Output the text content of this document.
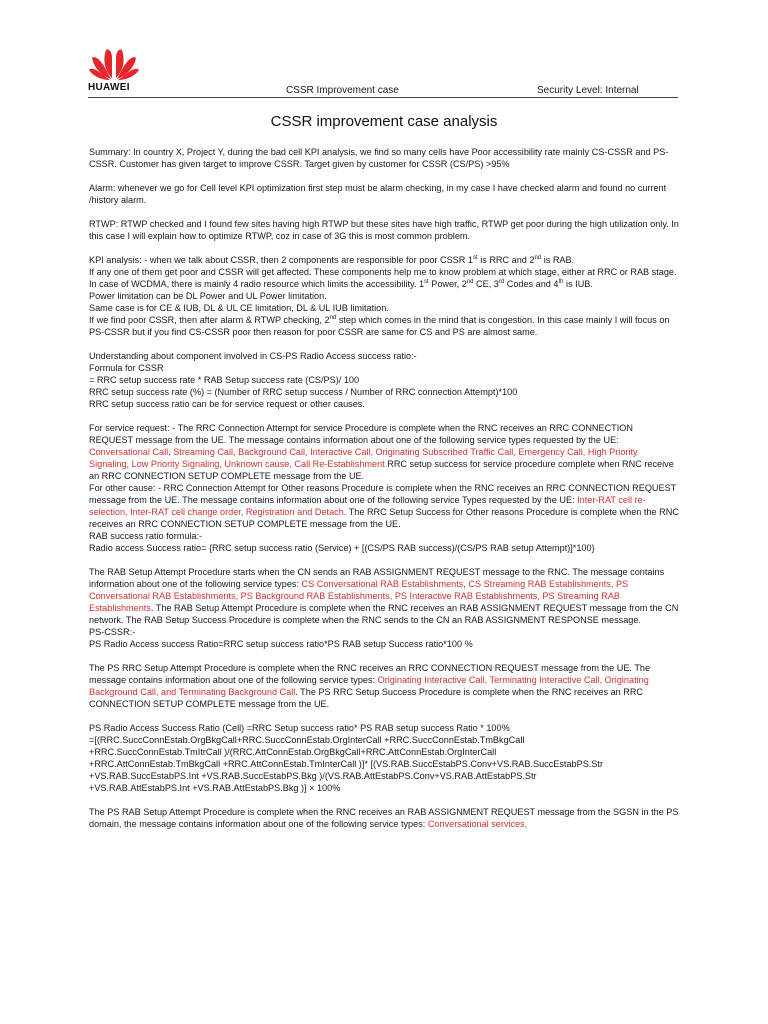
HUAWEI	CSSR Improvement case	Security Level: Internal
CSSR improvement case analysis

Summary: In country X, Project Y, during the bad cell KPI analysis, we find so many cells have Poor accessibility rate mainly CS-CSSR and PS-CSSR. Customer has given target to improve CSSR. Target given by customer for CSSR (CS/PS) >95%

Alarm: whenever we go for Cell level KPI optimization first step must be alarm checking, in my case I have checked alarm and found no current /history alarm.

RTWP: RTWP checked and I found few sites having high RTWP but these sites have high traffic, RTWP get poor during the high utilization only. In this case I will explain how to optimize RTWP, coz in case of 3G this is most common problem.

KPI analysis: - when we talk about CSSR, then 2 components are responsible for poor CSSR 1st is RRC and 2nd is RAB.

If any one of them get poor and CSSR will get affected. These components help me to know problem at which stage, either at RRC or RAB stage.

In case of WCDMA, there is mainly 4 radio resource which limits the accessibility. 1st Power, 2nd CE, 3rd Codes and 4th is IUB.

Power limitation can be DL Power and UL Power limitation.

Same case is for CE & IUB, DL & UL CE limitation, DL & UL IUB limitation.

If we find poor CSSR, then after alarm & RTWP checking, 2nd step which comes in the mind that is congestion. In this case mainly I will focus on PS-CSSR but if you find CS-CSSR poor then reason for poor CSSR are same for CS and PS are almost same.

Understanding about component involved in CS-PS Radio Access success ratio:-

Formula for CSSR

= RRC setup success rate * RAB Setup success rate (CS/PS)/ 100

RRC setup success rate (%) = (Number of RRC setup success / Number of RRC connection Attempt)*100

RRC setup success ratio can be for service request or other causes.

For service request: - The RRC Connection Attempt for service Procedure is complete when the RNC receives an RRC CONNECTION REQUEST message from the UE. The message contains information about one of the following service types requested by the UE: Conversational Call, Streaming Call, Background Call, Interactive Call, Originating Subscribed Traffic Call, Emergency Call, High Priority Signaling, Low Priority Signaling, Unknown cause, Call Re-Establishment.RRC setup success for service procedure complete when RNC receive an RRC CONNECTION SETUP COMPLETE message from the UE.

For other cause: - RRC Connection Attempt for Other reasons Procedure is complete when the RNC receives an RRC CONNECTION REQUEST message from the UE. The message contains information about one of the following service Types requested by the UE: Inter-RAT cell re-selection, Inter-RAT cell change order, Registration and Detach. The RRC Setup Success for Other reasons Procedure is complete when the RNC receives an RRC CONNECTION SETUP COMPLETE message from the UE.

RAB success ratio formula:-

Radio access Success ratio= {RRC setup success ratio (Service) + [(CS/PS RAB success)/(CS/PS RAB setup Attempt)]*100}

The RAB Setup Attempt Procedure starts when the CN sends an RAB ASSIGNMENT REQUEST message to the RNC. The message contains information about one of the following service types: CS Conversational RAB Establishments, CS Streaming RAB Establishments, PS Conversational RAB Establishments, PS Background RAB Establishments, PS Interactive RAB Establishments, PS Streaming RAB Establishments. The RAB Setup Attempt Procedure is complete when the RNC receives an RAB ASSIGNMENT REQUEST message from the CN network. The RAB Setup Success Procedure is complete when the RNC sends to the CN an RAB ASSIGNMENT RESPONSE message.

PS-CSSR:-

PS Radio Access success Ratio=RRC setup success ratio*PS RAB setup Success ratio*100 %

The PS RRC Setup Attempt Procedure is complete when the RNC receives an RRC CONNECTION REQUEST message from the UE. The message contains information about one of the following service types: Originating Interactive Call, Terminating Interactive Call, Originating Background Call, and Terminating Background Call. The PS RRC Setup Success Procedure is complete when the RNC receives an RRC CONNECTION SETUP COMPLETE message from the UE.

PS Radio Access Success Ratio (Cell) =RRC Setup success ratio* PS RAB setup success Ratio * 100%

=[(RRC.SuccConnEstab.OrgBkgCall+RRC.SuccConnEstab.OrgInterCall +RRC.SuccConnEstab.TmBkgCall

+RRC.SuccConnEstab.TmItrCall )/(RRC.AttConnEstab.OrgBkgCall+RRC.AttConnEstab.OrgInterCall

+RRC.AttConnEstab.TmBkgCall +RRC.AttConnEstab.TmInterCall )]* [(VS.RAB.SuccEstabPS.Conv+VS.RAB.SuccEstabPS.Str

+VS.RAB.SuccEstabPS.Int +VS.RAB.SuccEstabPS.Bkg )/(VS.RAB.AttEstabPS.Conv+VS.RAB.AttEstabPS.Str

+VS.RAB.AttEstabPS.Int +VS.RAB.AttEstabPS.Bkg )] × 100%

The PS RAB Setup Attempt Procedure is complete when the RNC receives an RAB ASSIGNMENT REQUEST message from the SGSN in the PS domain, the message contains information about one of the following service types: Conversational services,
